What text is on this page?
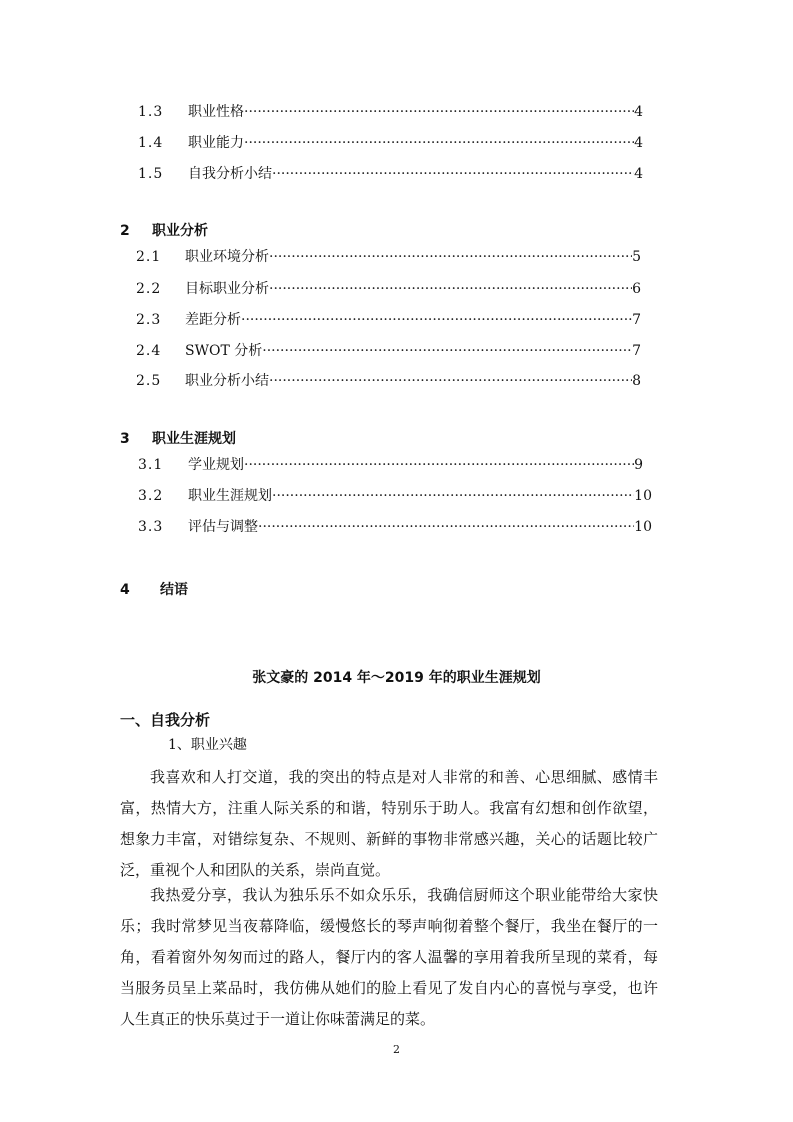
1.3	职业性格 ·····	4
1.4	职业能力 ·····	4
1.5	自我分析小结 ·····	4
2 职业分析
2.1	职业环境分析 ·····	5
2.2	目标职业分析 ·····	6
2.3	差距分析 ·····	7
2.4	SWOT 分析 ·····	7
2.5	职业分析小结 ·····	8
3 职业生涯规划
3.1	学业规划 ·····	9
3.2	职业生涯规划 ·····	10
3.3	评估与调整 ·····	10
4 结语
张文豪的 2014 年～2019 年的职业生涯规划
一、自我分析
1、职业兴趣

我喜欢和人打交道，我的突出的特点是对人非常的和善、心思细腻、感情丰富，热情大方，注重人际关系的和谐，特别乐于助人。我富有幻想和创作欲望，想象力丰富，对错综复杂、不规则、新鲜的事物非常感兴趣，关心的话题比较广泛，重视个人和团队的关系，崇尚直觉。

我热爱分享，我认为独乐乐不如众乐乐，我确信厨师这个职业能带给大家快乐；我时常梦见当夜幕降临，缓慢悠长的琴声响彻着整个餐厅，我坐在餐厅的一角，看着窗外匆匆而过的路人，餐厅内的客人温馨的享用着我所呈现的菜肴，每当服务员呈上菜品时，我仿佛从她们的脸上看见了发自内心的喜悦与享受，也许人生真正的快乐莫过于一道让你味蕾满足的菜。

2
